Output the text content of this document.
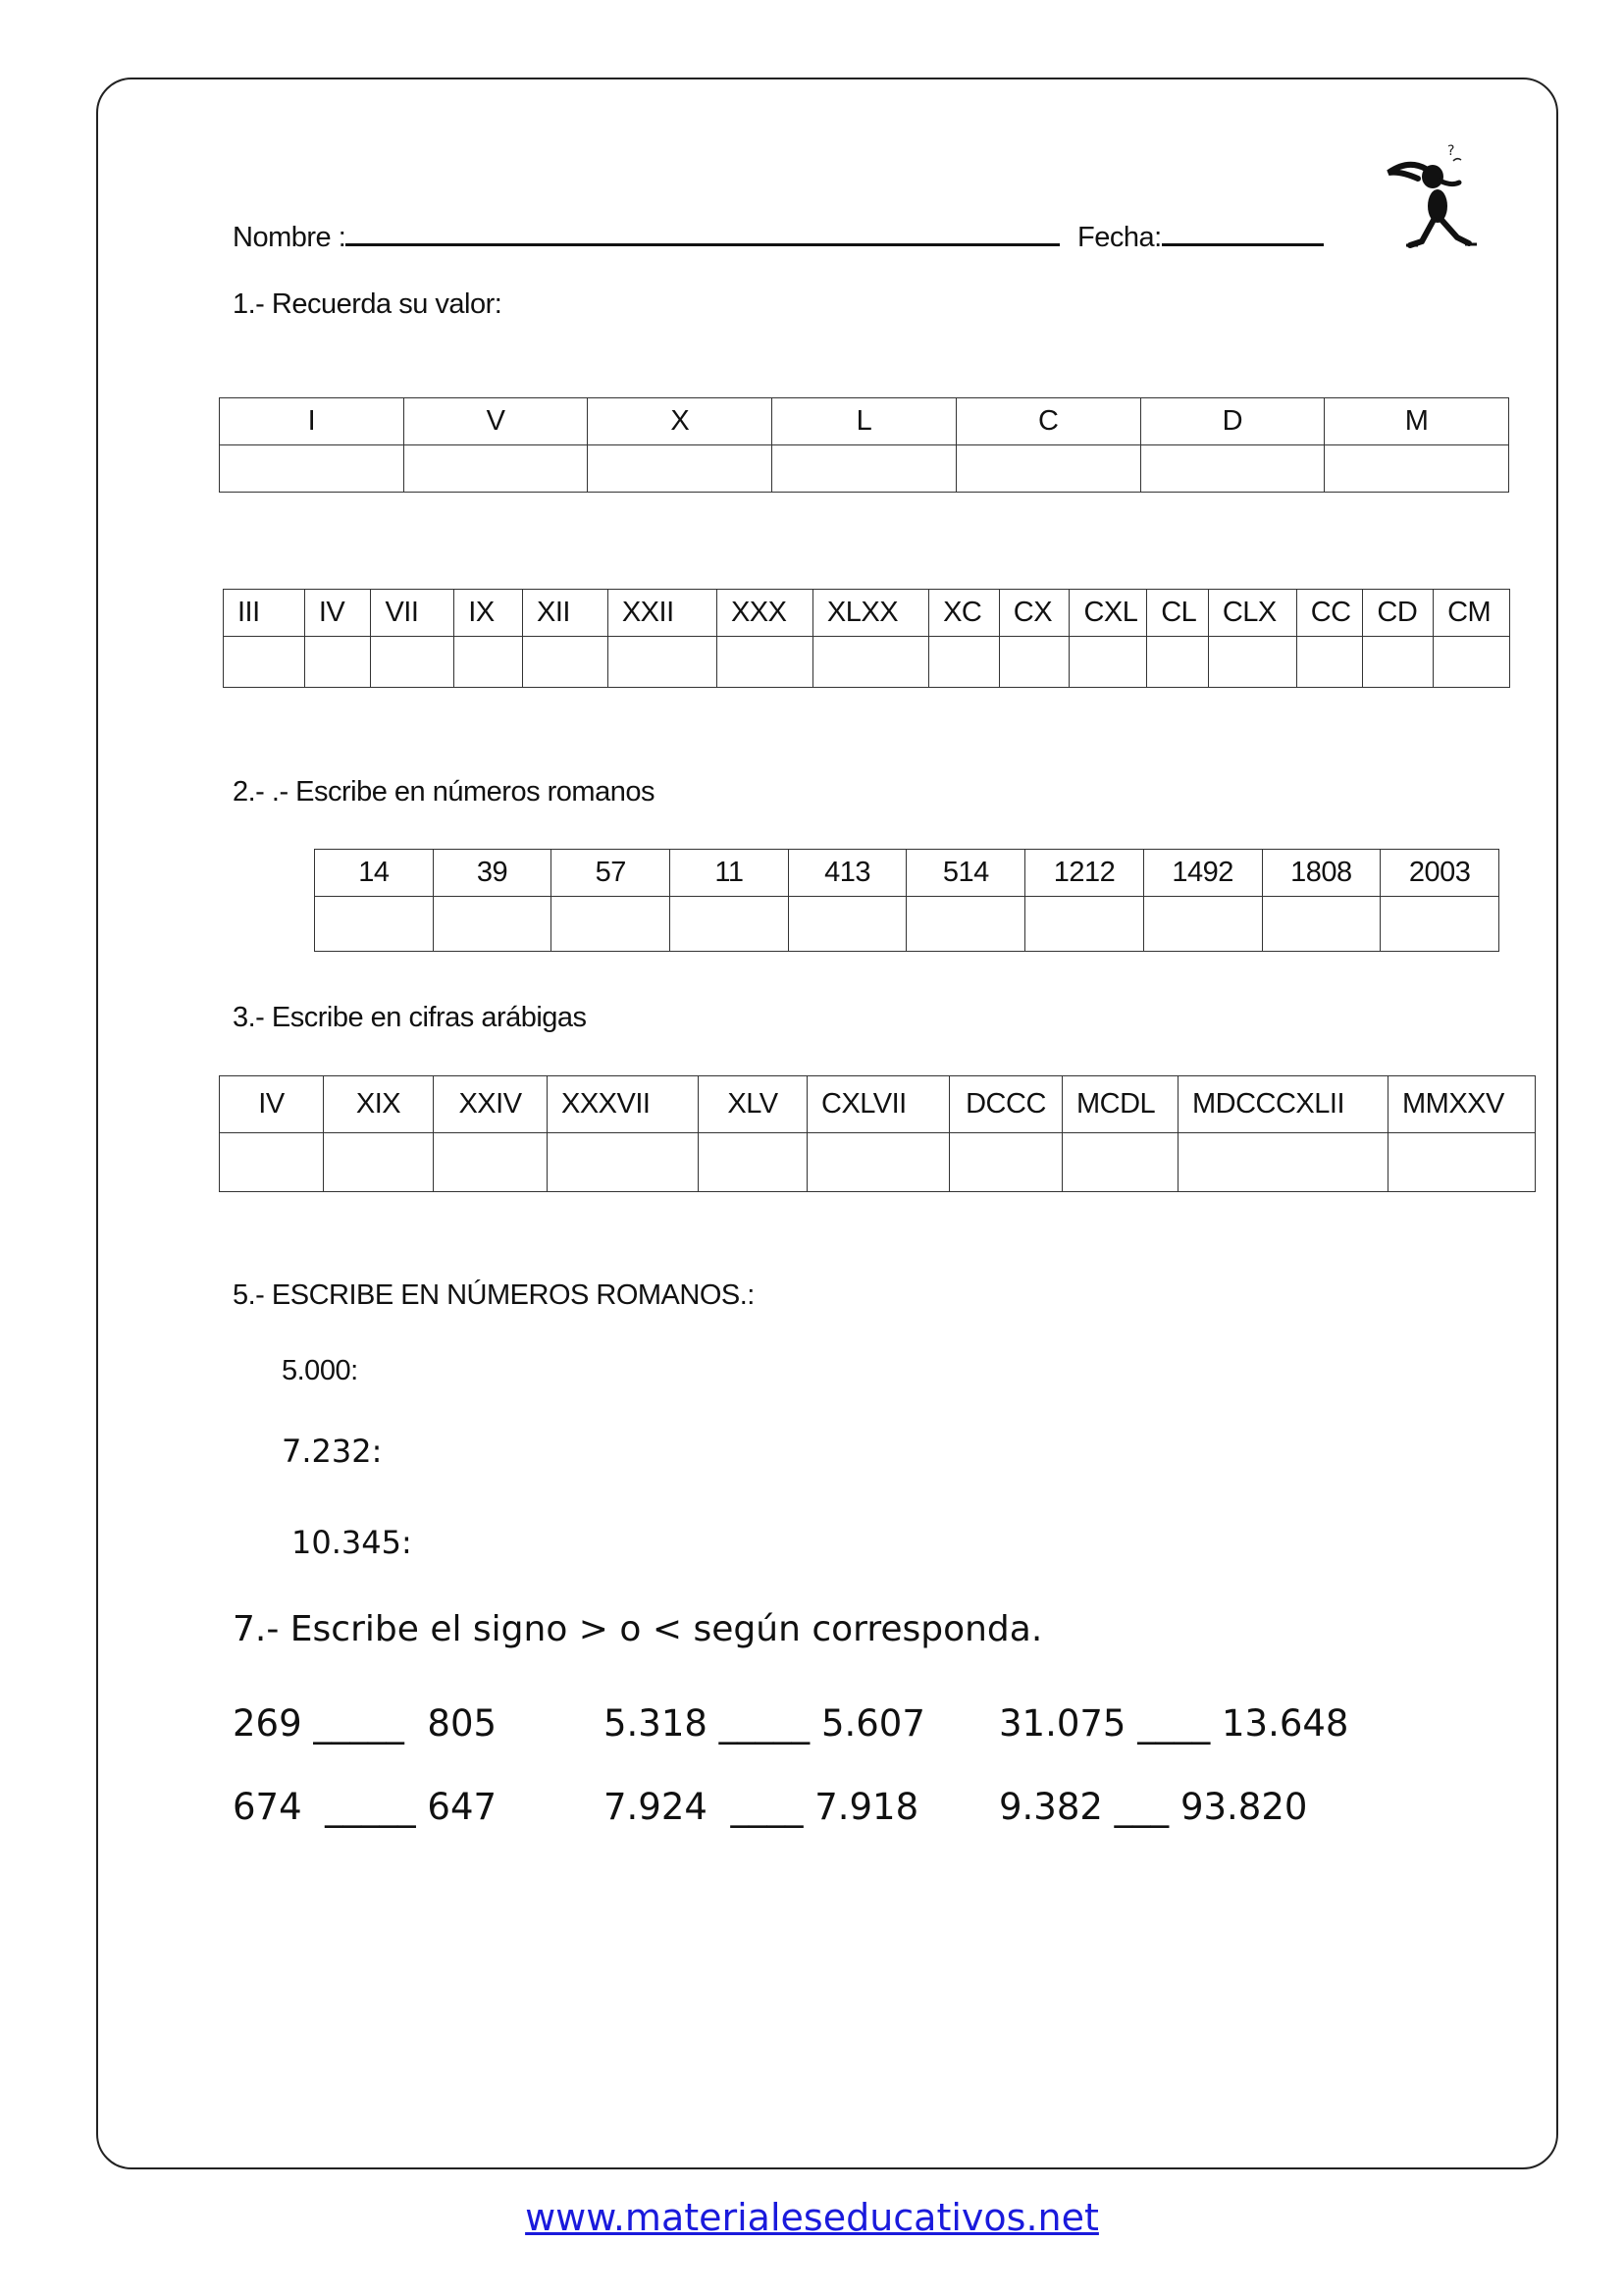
Nombre :	Fecha:
?
1.- Recuerda su valor:
I	V	X	L	C	D	M

III	IV	VII	IX	XII	XXII	XXX	XLXX	XC	CX	CXL	CL	CLX	CC	CD	CM

2.- .- Escribe en números romanos
14	39	57	11	413	514	1212	1492	1808	2003

3.- Escribe en cifras arábigas
IV	XIX	XXIV	XXXVII	XLV	CXLVII	DCCC	MCDL	MDCCCXLII	MMXXV

5.- ESCRIBE EN NÚMEROS ROMANOS.:
5.000:
7.232:
10.345:
7.- Escribe el signo > o < según corresponda.
269 _____  805	5.318 _____ 5.607 31.075 ____ 13.648
674  _____ 647	7.924  ____ 7.918 9.382 ___ 93.820
www.materialeseducativos.net
